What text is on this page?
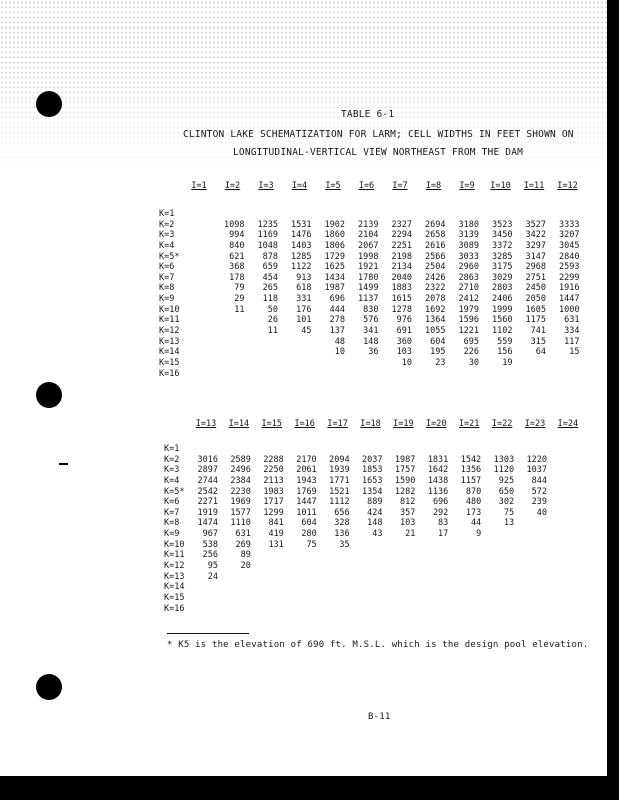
TABLE 6-1
CLINTON LAKE SCHEMATIZATION FOR LARM; CELL WIDTHS IN FEET SHOWN ON
LONGITUDINAL-VERTICAL VIEW NORTHEAST FROM THE DAM
K=1
K=2
K=3
K=4
K=5*
K=6
K=7
K=8
K=9
K=10
K=11
K=12
K=13
K=14
K=15
K=16
I=1	I=2
1098
994
840
621
368
178
79
29
11
I=3
1235
1169
1048
878
659
454
265
118
50
26
11
I=4
1531
1476
1403
1285
1122
913
618
331
176
101
45
I=5
1902
1860
1806
1729
1625
1434
1987
696
444
278
137
48
10
I=6
2139
2104
2067
1998
1921
1780
1499
1137
830
576
341
148
36
I=7
2327
2294
2251
2198
2134
2040
1883
1615
1278
976
691
360
103
10
I=8
2694
2658
2616
2566
2504
2426
2322
2078
1692
1364
1055
604
195
23
I=9
3180
3139
3089
3033
2960
2863
2710
2412
1979
1596
1221
695
226
30
I=10
3523
3450
3372
3285
3175
3029
2803
2406
1999
1560
1102
559
156
19
I=11
3527
3422
3297
3147
2968
2751
2450
2050
1605
1175
741
315
64
I=12
3333
3207
3045
2840
2593
2299
1916
1447
1000
631
334
117
15
K=1
K=2
K=3
K=4
K=5*
K=6
K=7
K=8
K=9
K=10
K=11
K=12
K=13
K=14
K=15
K=16
I=13
3016
2897
2744
2542
2271
1919
1474
967
538
256
95
24
I=14
2589
2496
2384
2230
1969
1577
1110
631
269
89
20
I=15
2288
2250
2113
1983
1717
1299
841
419
131
I=16
2170
2061
1943
1769
1447
1011
604
280
75
I=17
2094
1939
1771
1521
1112
656
328
136
35
I=18
2037
1853
1653
1354
889
424
148
43
I=19
1987
1757
1590
1282
812
357
103
21
I=20
1831
1642
1438
1136
696
292
83
17
I=21
1542
1356
1157
870
480
173
44
9
I=22
1303
1120
925
650
302
75
13
I=23
1220
1037
844
572
239
40
I=24
* K5 is the elevation of 690 ft. M.S.L. which is the design pool elevation.
B-11
